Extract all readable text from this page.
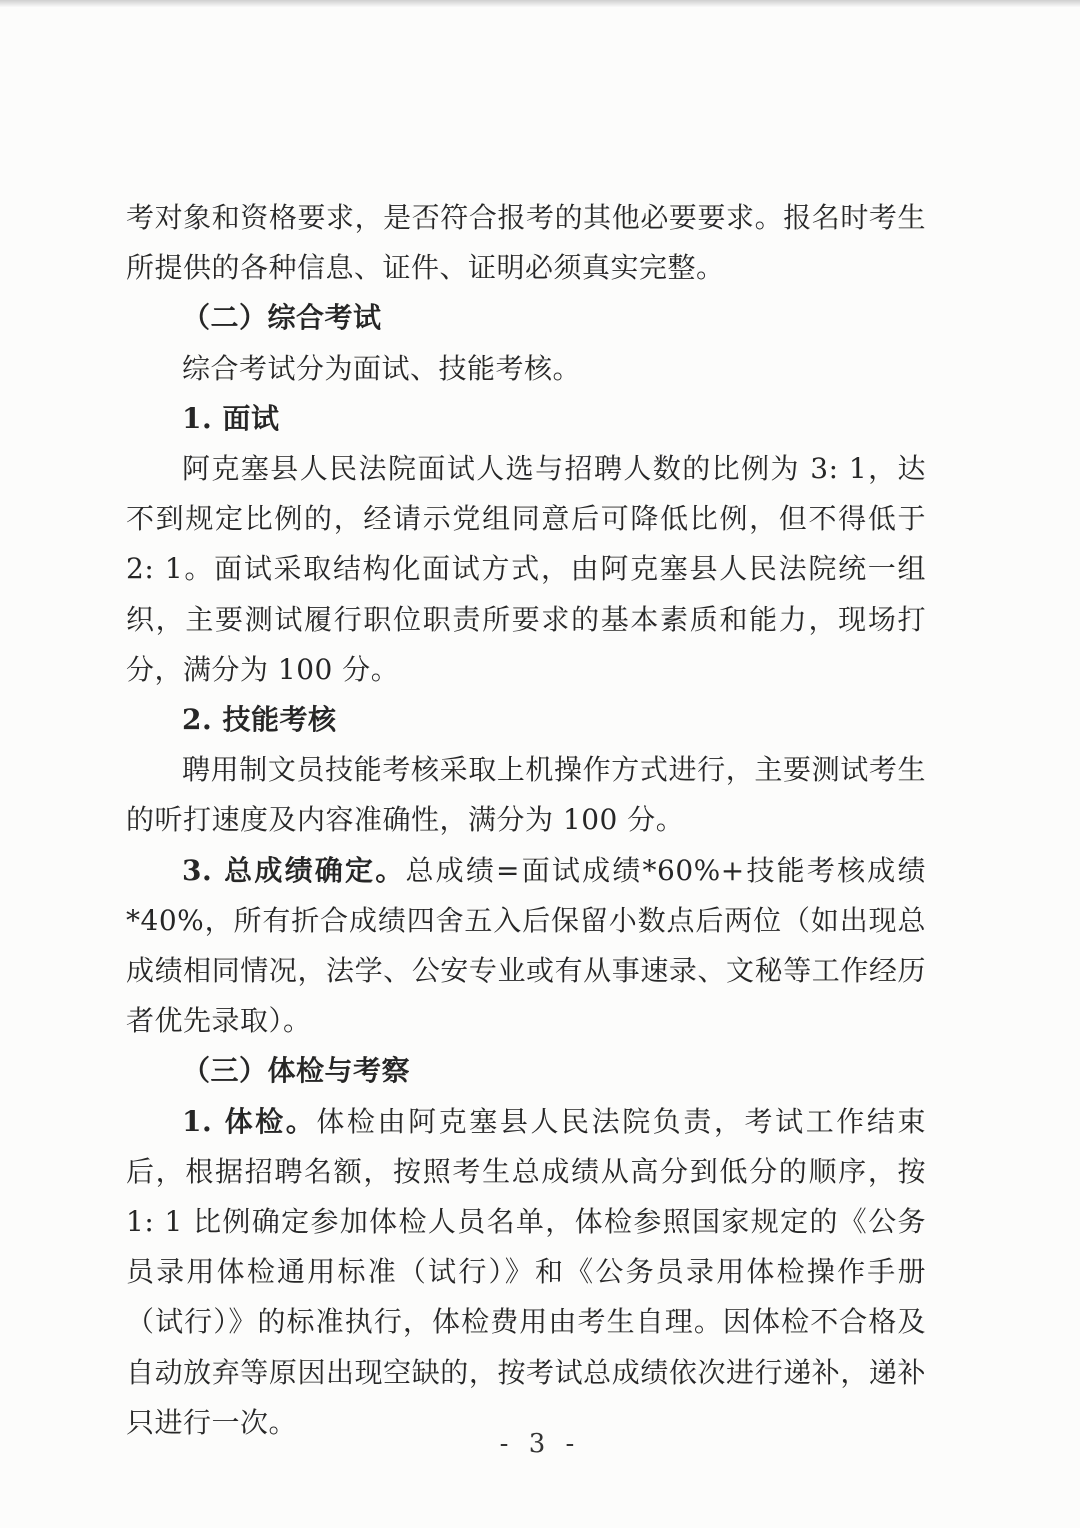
考对象和资格要求，是否符合报考的其他必要要求。报名时考生所提供的各种信息、证件、证明必须真实完整。

（二）综合考试

综合考试分为面试、技能考核。

1. 面试

阿克塞县人民法院面试人选与招聘人数的比例为 3: 1，达不到规定比例的，经请示党组同意后可降低比例，但不得低于 2: 1。面试采取结构化面试方式，由阿克塞县人民法院统一组织，主要测试履行职位职责所要求的基本素质和能力，现场打分，满分为 100 分。

2. 技能考核

聘用制文员技能考核采取上机操作方式进行，主要测试考生的听打速度及内容准确性，满分为 100 分。

3. 总成绩确定。总成绩=面试成绩*60%+技能考核成绩*40%，所有折合成绩四舍五入后保留小数点后两位（如出现总成绩相同情况，法学、公安专业或有从事速录、文秘等工作经历者优先录取）。

（三）体检与考察

1. 体检。体检由阿克塞县人民法院负责，考试工作结束后，根据招聘名额，按照考生总成绩从高分到低分的顺序，按 1: 1 比例确定参加体检人员名单，体检参照国家规定的《公务员录用体检通用标准（试行）》和《公务员录用体检操作手册（试行）》的标准执行，体检费用由考生自理。因体检不合格及自动放弃等原因出现空缺的，按考试总成绩依次进行递补，递补只进行一次。

- 3 -
